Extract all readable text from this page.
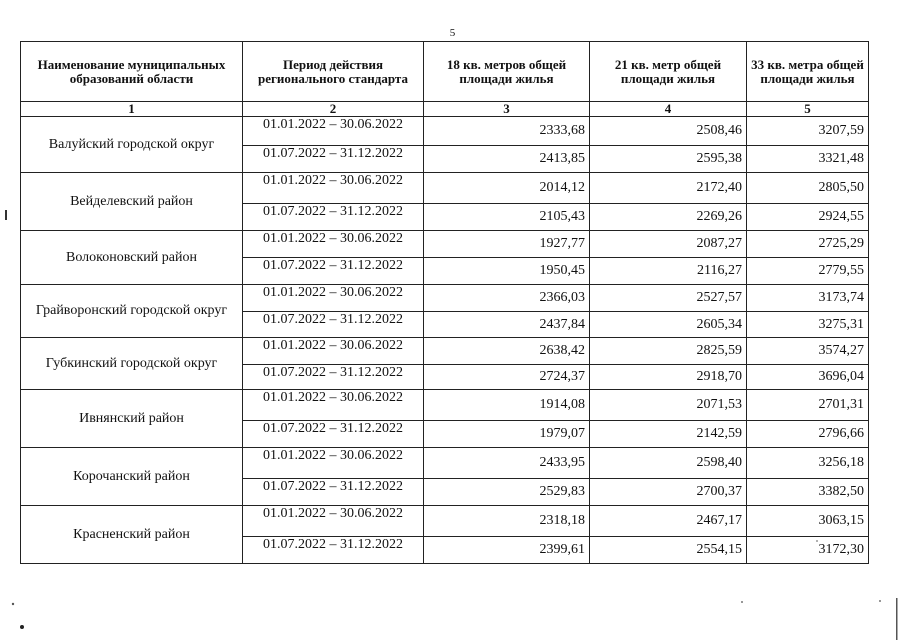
5
Наименование муниципальных образований области	Период действия регионального стандарта	18 кв. метров общей площади жилья	21 кв. метр общей площади жилья	33 кв. метра общей площади жилья
1	2	3	4	5
Валуйский городской округ	01.01.2022 – 30.06.2022	2333,68	2508,46	3207,59
	01.07.2022 – 31.12.2022	2413,85	2595,38	3321,48
Вейделевский район	01.01.2022 – 30.06.2022	2014,12	2172,40	2805,50
	01.07.2022 – 31.12.2022	2105,43	2269,26	2924,55
Волоконовский район	01.01.2022 – 30.06.2022	1927,77	2087,27	2725,29
	01.07.2022 – 31.12.2022	1950,45	2116,27	2779,55
Грайворонский городской округ	01.01.2022 – 30.06.2022	2366,03	2527,57	3173,74
	01.07.2022 – 31.12.2022	2437,84	2605,34	3275,31
Губкинский городской округ	01.01.2022 – 30.06.2022	2638,42	2825,59	3574,27
	01.07.2022 – 31.12.2022	2724,37	2918,70	3696,04
Ивнянский район	01.01.2022 – 30.06.2022	1914,08	2071,53	2701,31
	01.07.2022 – 31.12.2022	1979,07	2142,59	2796,66
Корочанский район	01.01.2022 – 30.06.2022	2433,95	2598,40	3256,18
	01.07.2022 – 31.12.2022	2529,83	2700,37	3382,50
Красненский район	01.01.2022 – 30.06.2022	2318,18	2467,17	3063,15
	01.07.2022 – 31.12.2022	2399,61	2554,15	3172,30
